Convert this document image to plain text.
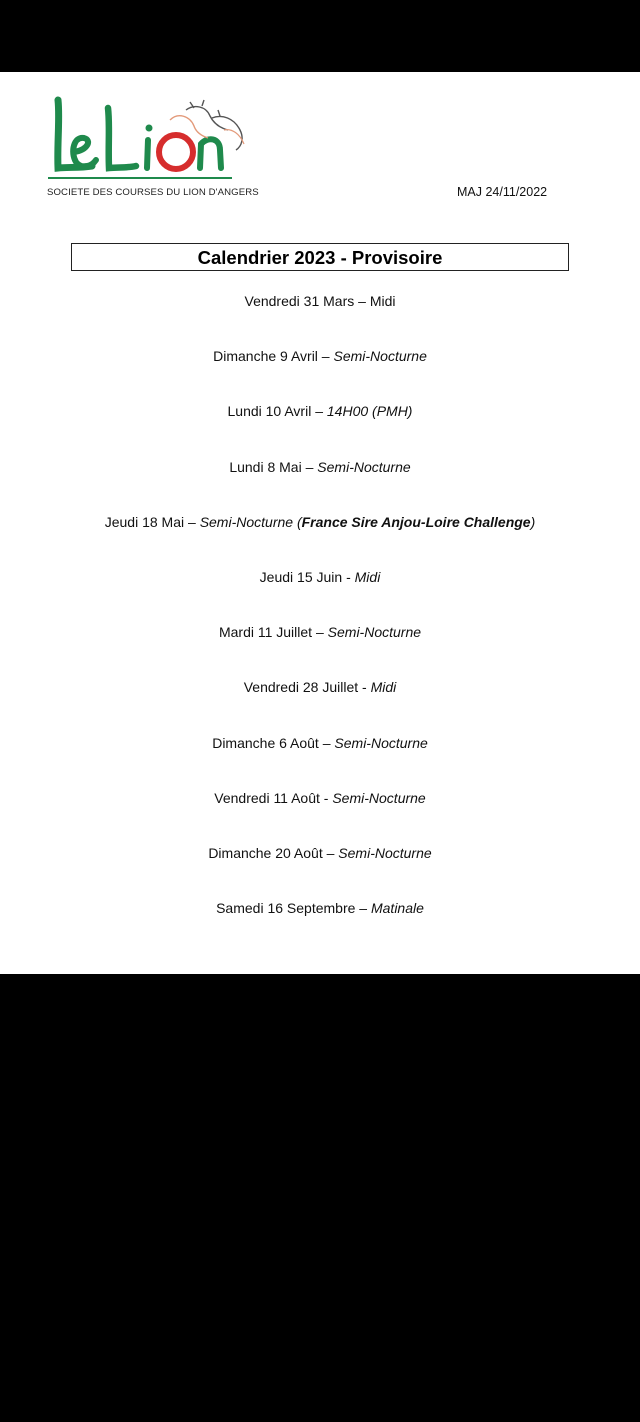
SOCIETE DES COURSES DU LION D'ANGERS	MAJ 24/11/2022
Calendrier 2023 - Provisoire
Vendredi 31 Mars – Midi
Dimanche 9 Avril – Semi-Nocturne
Lundi 10 Avril – 14H00 (PMH)
Lundi 8 Mai – Semi-Nocturne
Jeudi 18 Mai – Semi-Nocturne (France Sire Anjou-Loire Challenge)
Jeudi 15 Juin - Midi
Mardi 11 Juillet – Semi-Nocturne
Vendredi 28 Juillet - Midi
Dimanche 6 Août – Semi-Nocturne
Vendredi 11 Août - Semi-Nocturne
Dimanche 20 Août – Semi-Nocturne
Samedi 16 Septembre – Matinale
